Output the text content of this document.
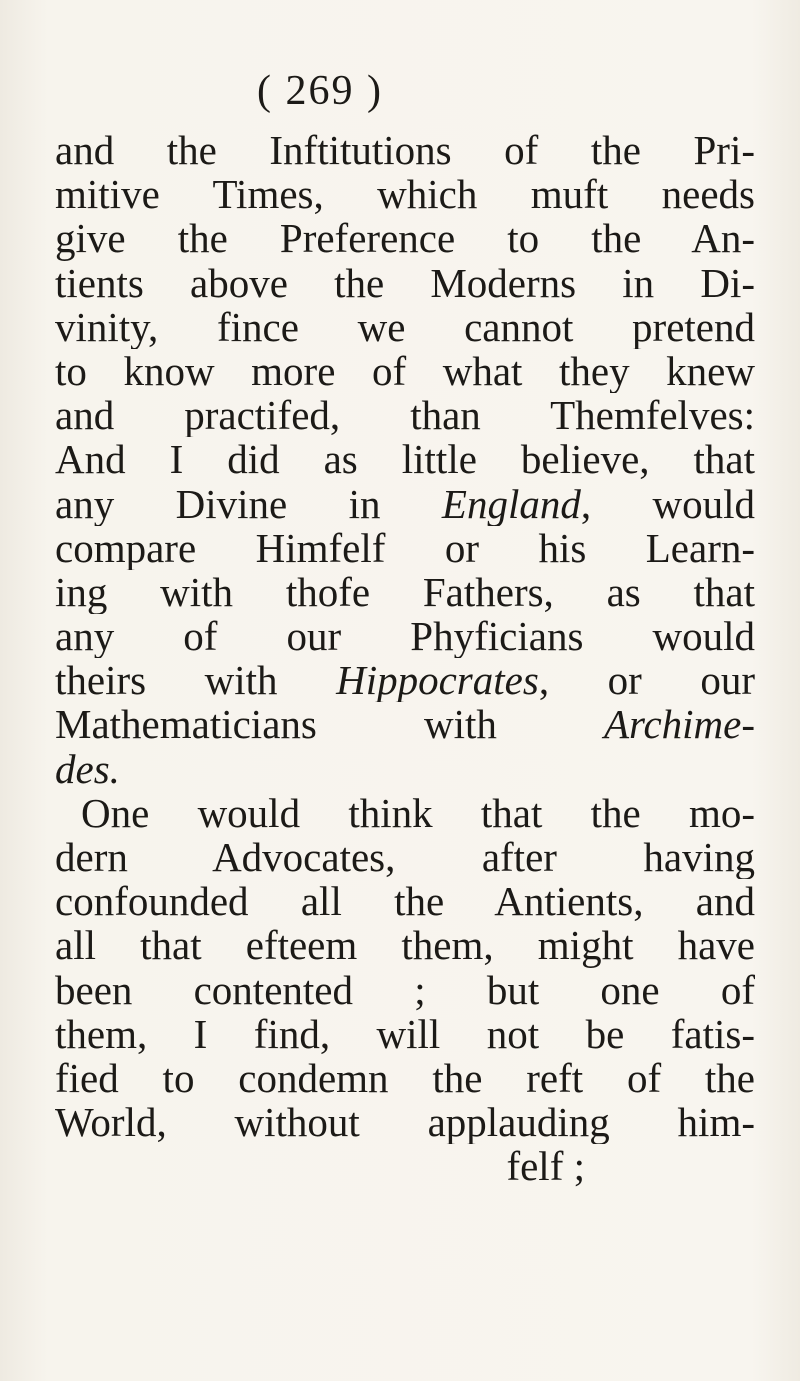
( 269 )
and the Inftitutions of the Pri-
mitive Times, which muft needs
give the Preference to the An-
tients above the Moderns in Di-
vinity, fince we cannot pretend
to know more of what they knew
and practifed, than Themfelves:
And I did as little believe, that
any Divine in England, would
compare Himfelf or his Learn-
ing with thofe Fathers, as that
any of our Phyficians would
theirs with Hippocrates, or our
Mathematicians with Archime-
des.
One would think that the mo-
dern Advocates, after having
confounded all the Antients, and
all that efteem them, might have
been contented ; but one of
them, I find, will not be fatis-
fied to condemn the reft of the
World, without applauding him-
felf ;
